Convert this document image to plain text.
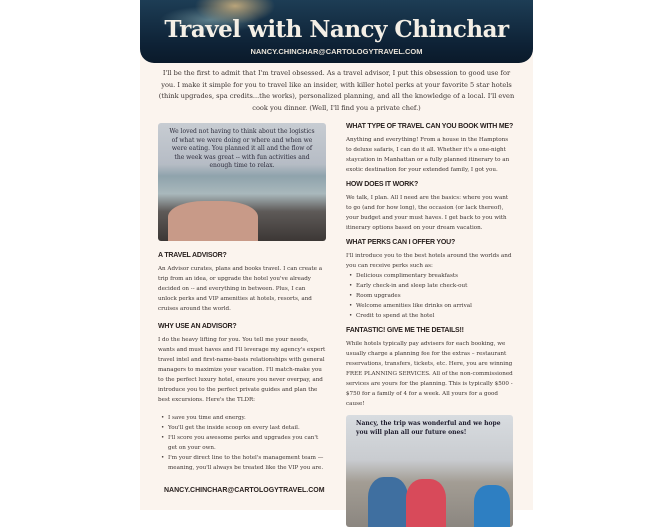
Travel with Nancy Chinchar
NANCY.CHINCHAR@CARTOLOGYTRAVEL.COM

I'll be the first to admit that I'm travel obsessed. As a travel advisor, I put this obsession to good use for you. I make it simple for you to travel like an insider, with killer hotel perks at your favorite 5 star hotels (think upgrades, spa credits...the works), personalized planning, and all the knowledge of a local. I'll even cook you dinner. (Well, I'll find you a private chef.)

We loved not having to think about the logistics of what we were doing or where and when we were eating. You planned it all and the flow of the week was great -- with fun activities and enough time to relax.
A TRAVEL ADVISOR?

An Advisor curates, plans and books travel. I can create a trip from an idea, or upgrade the hotel you've already decided on -- and everything in between. Plus, I can unlock perks and VIP amenities at hotels, resorts, and cruises around the world.

WHY USE AN ADVISOR?

I do the heavy lifting for you. You tell me your needs, wants and must haves and I'll leverage my agency's expert travel intel and first-name-basis relationships with general managers to maximize your vacation. I'll match-make you to the perfect luxury hotel, ensure you never overpay, and introduce you to the perfect private guides and plan the best excursions. Here's the TLDR:

• I save you time and energy.
• You'll get the inside scoop on every last detail.
• I'll score you awesome perks and upgrades you can't get on your own.
• I'm your direct line to the hotel's management team — meaning, you'll always be treated like the VIP you are.
NANCY.CHINCHAR@CARTOLOGYTRAVEL.COM
WHAT TYPE OF TRAVEL CAN YOU BOOK WITH ME?

Anything and everything! From a house in the Hamptons to deluxe safaris, I can do it all. Whether it's a one-night staycation in Manhattan or a fully planned itinerary to an exotic destination for your extended family, I got you.

HOW DOES IT WORK?

We talk, I plan. All I need are the basics: where you want to go (and for how long), the occasion (or lack thereof), your budget and your must haves. I get back to you with itinerary options based on your dream vacation.

WHAT PERKS CAN I OFFER YOU?

I'll introduce you to the best hotels around the worlds and you can receive perks such as:

• Delicious complimentary breakfasts
• Early check-in and sleep late check-out
• Room upgrades
• Welcome amenities like drinks on arrival
• Credit to spend at the hotel
FANTASTIC! GIVE ME THE DETAILS!!

While hotels typically pay advisers for each booking, we usually charge a planning fee for the extras – restaurant reservations, transfers, tickets, etc. Here, you are winning FREE PLANNING SERVICES. All of the non-commissioned services are yours for the planning. This is typically $500 - $750 for a family of 4 for a week. All yours for a good cause!

Nancy, the trip was wonderful and we hope you will plan all our future ones!
